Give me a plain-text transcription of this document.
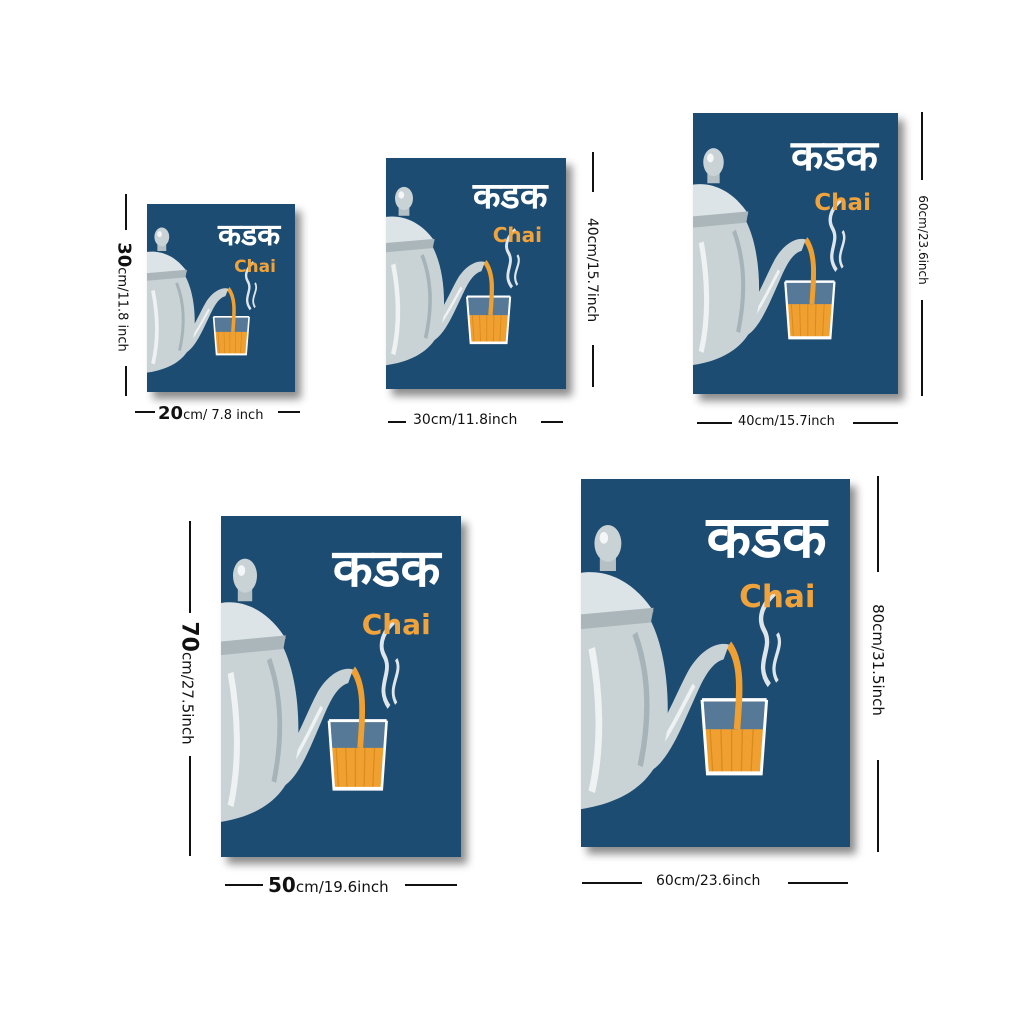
कडक
Chai
30cm/11.8 inch
20cm/ 7.8 inch
कडक
Chai	40cm/15.7inch
30cm/11.8inch
कडक
Chai	60cm/23.6inch
40cm/15.7inch
कडक
Chai
70cm/27.5inch
50cm/19.6inch
कडक
Chai
80cm/31.5inch
60cm/23.6inch
